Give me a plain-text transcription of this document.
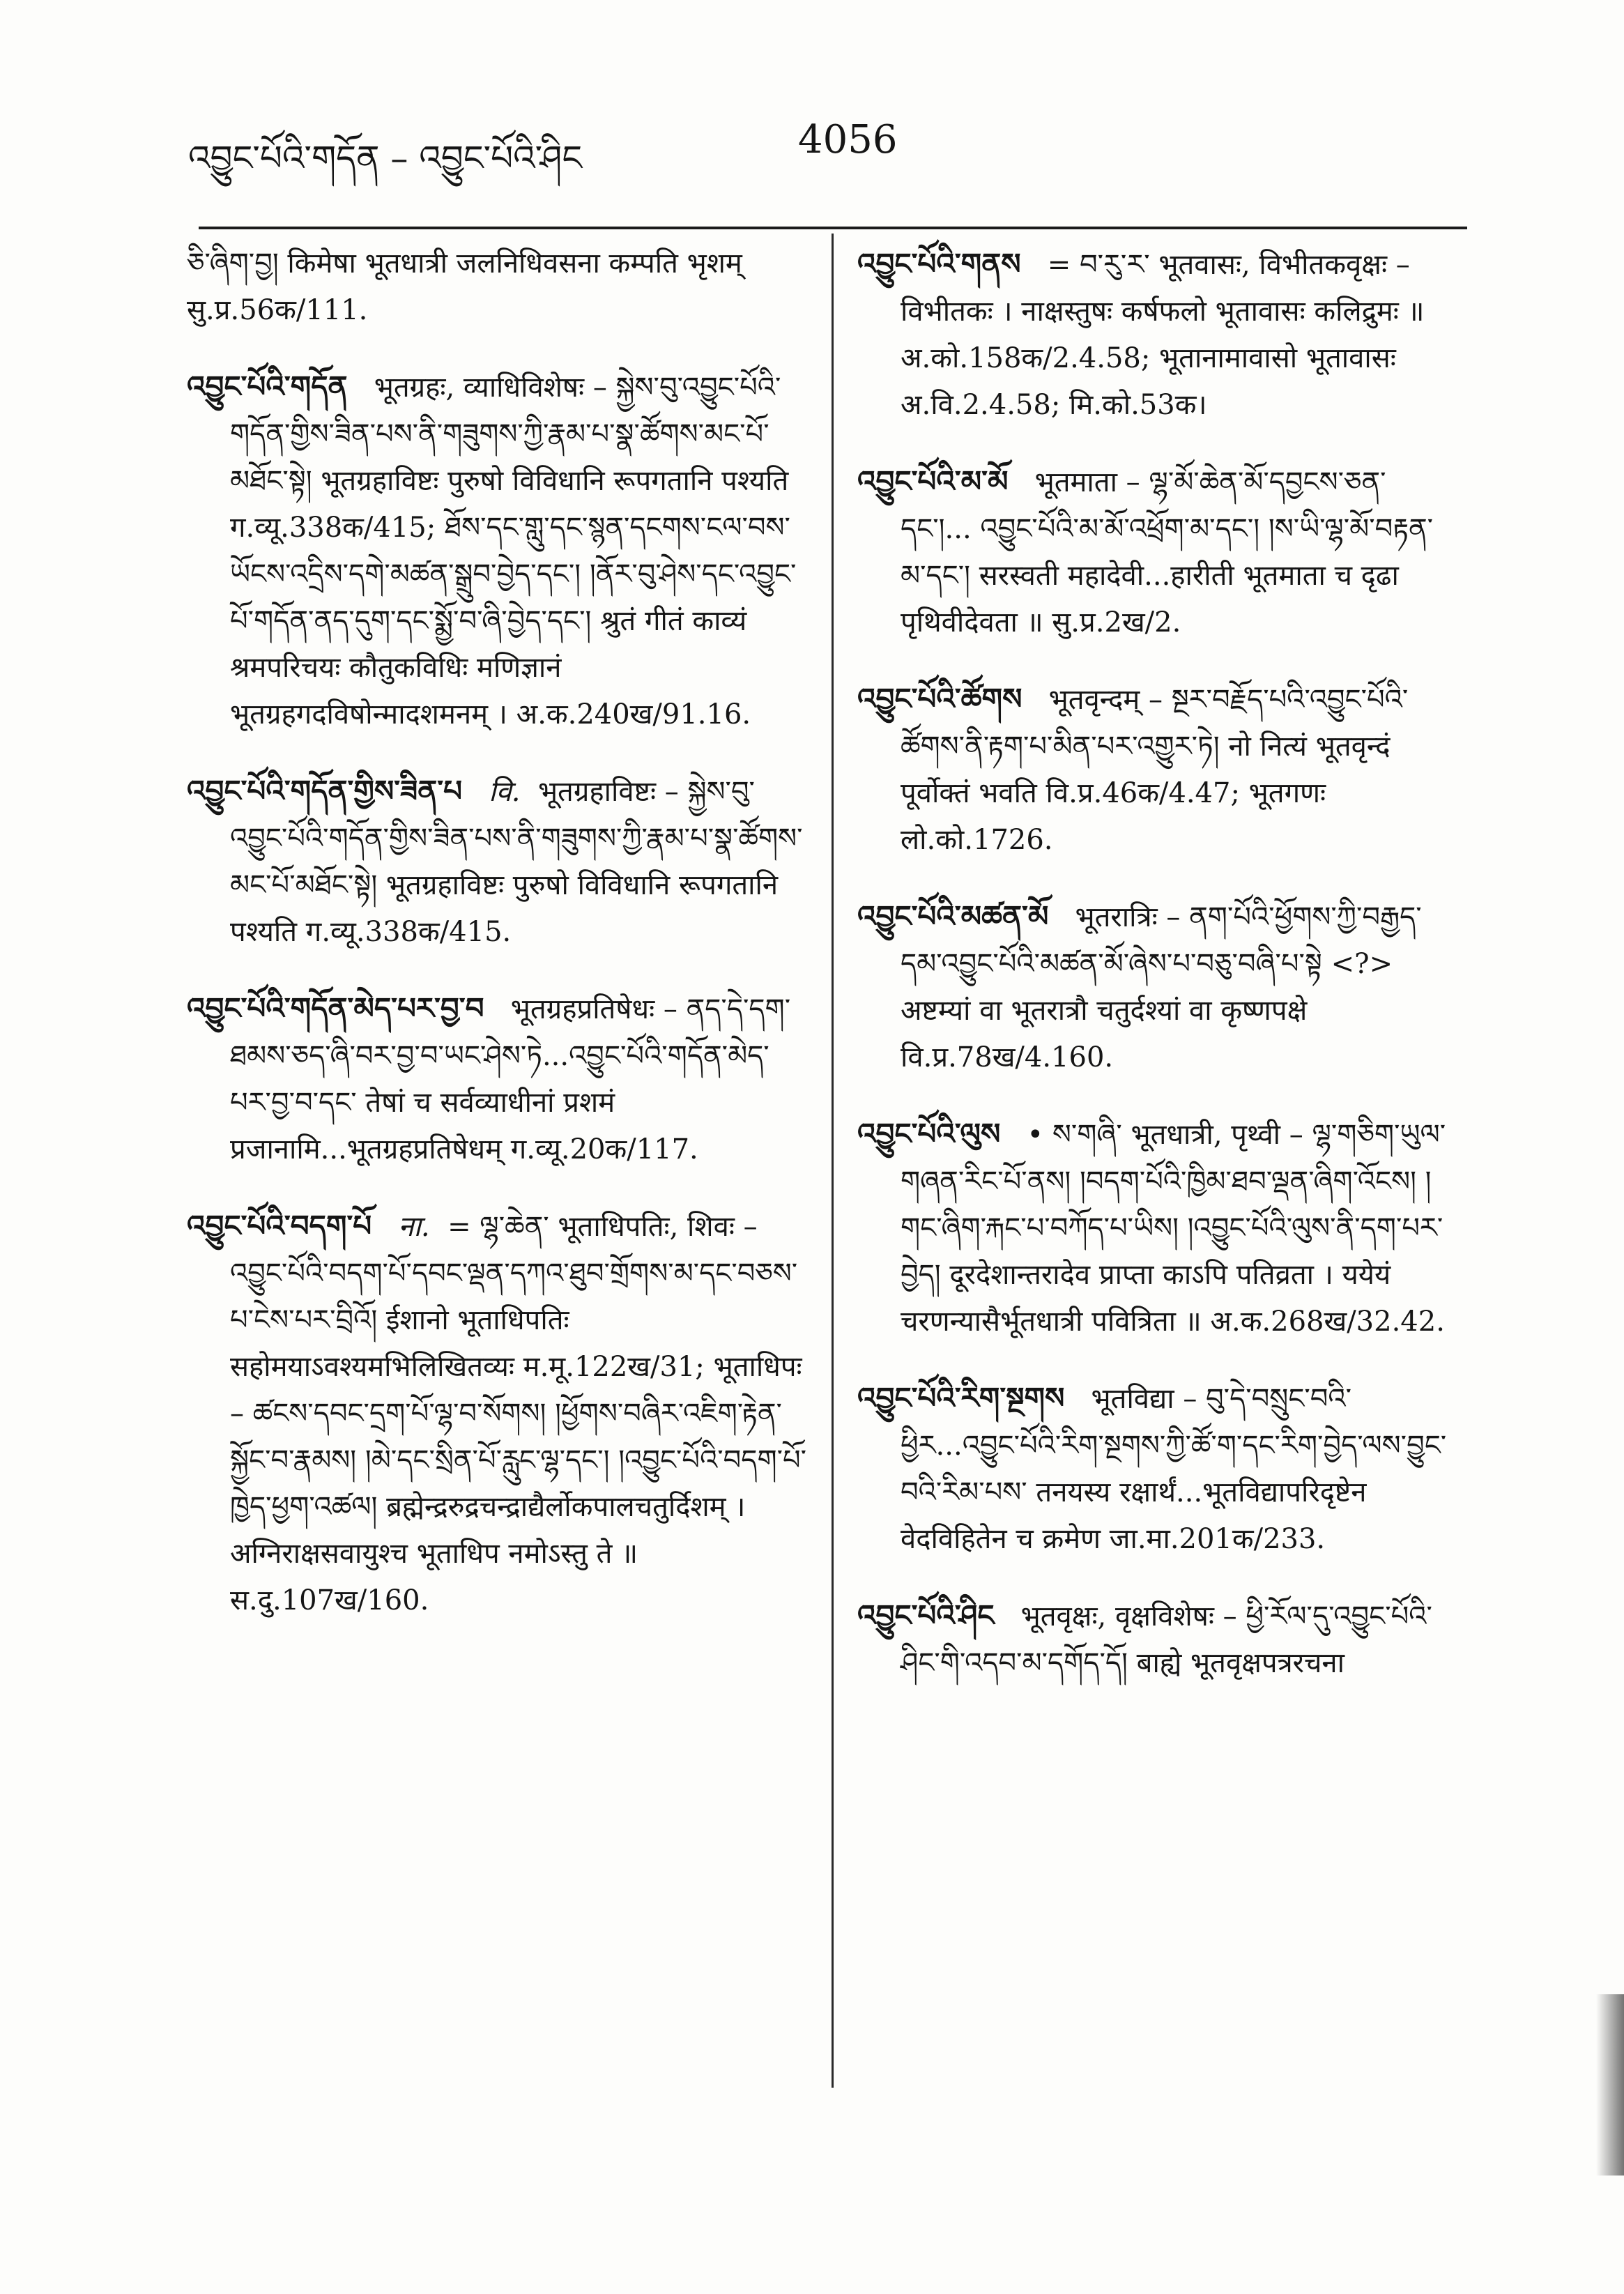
འབྱུང་པོའི་གདོན – འབྱུང་པོའི་ཤིང	4056

ཅི་ཞིག་བྱ། किमेषा भूतधात्री जलनिधिवसना कम्पति भृशम् सु.प्र.56क/111.

འབྱུང་པོའི་གདོན भूतग्रहः, व्याधिविशेषः – སྐྱེས་བུ་འབྱུང་པོའི་གདོན་གྱིས་ཟིན་པས་ནི་གཟུགས་ཀྱི་རྣམ་པ་སྣ་ཚོགས་མང་པོ་མཐོང་སྟེ། भूतग्रहाविष्टः पुरुषो विविधानि रूपगतानि पश्यति ग.व्यू.338क/415; ཐོས་དང་གླུ་དང་སྙན་དངགས་ངལ་བས་ཡོངས་འདྲིས་དགེ་མཚན་སྒྲུབ་བྱེད་དང་། །ནོར་བུ་ཤེས་དང་འབྱུང་པོ་གདོན་ནད་དུག་དང་སྨྱོ་བ་ཞི་བྱེད་དང་། श्रुतं गीतं काव्यं श्रमपरिचयः कौतुकविधिः मणिज्ञानं भूतग्रहगदविषोन्मादशमनम् । अ.क.240ख/91.16.

འབྱུང་པོའི་གདོན་གྱིས་ཟིན་པ वि. भूतग्रहाविष्टः – སྐྱེས་བུ་འབྱུང་པོའི་གདོན་གྱིས་ཟིན་པས་ནི་གཟུགས་ཀྱི་རྣམ་པ་སྣ་ཚོགས་མང་པོ་མཐོང་སྟེ། भूतग्रहाविष्टः पुरुषो विविधानि रूपगतानि पश्यति ग.व्यू.338क/415.

འབྱུང་པོའི་གདོན་མེད་པར་བྱ་བ भूतग्रहप्रतिषेधः – ནད་དེ་དག་ཐམས་ཅད་ཞི་བར་བྱ་བ་ཡང་ཤེས་ཏེ...འབྱུང་པོའི་གདོན་མེད་པར་བྱ་བ་དང་ तेषां च सर्वव्याधीनां प्रशमं प्रजानामि...भूतग्रहप्रतिषेधम् ग.व्यू.20क/117.

འབྱུང་པོའི་བདག་པོ ना. = ལྷ་ཆེན་ भूताधिपतिः, शिवः – འབྱུང་པོའི་བདག་པོ་དབང་ལྡན་དཀའ་ཐུབ་གྲོགས་མ་དང་བཅས་པ་ངེས་པར་བྲིའོ། ईशानो भूताधिपतिः सहोमयाऽवश्यमभिलिखितव्यः म.मू.122ख/31; भूताधिपः – ཚངས་དབང་དྲག་པོ་ལྷ་བ་སོགས། །ཕྱོགས་བཞིར་འཇིག་རྟེན་སྐྱོང་བ་རྣམས། །མེ་དང་སྲིན་པོ་རླུང་ལྷ་དང་། །འབྱུང་པོའི་བདག་པོ་ཁྱེད་ཕྱག་འཚལ། ब्रह्मेन्द्ररुद्रचन्द्राद्यैर्लोकपालचतुर्दिशम् । अग्निराक्षसवायुश्च भूताधिप नमोऽस्तु ते ॥ स.दु.107ख/160.

འབྱུང་པོའི་གནས = བ་རུ་ར་ भूतवासः, विभीतकवृक्षः – विभीतकः । नाक्षस्तुषः कर्षफलो भूतावासः कलिद्रुमः ॥ अ.को.158क/2.4.58; भूतानामावासो भूतावासः अ.वि.2.4.58; मि.को.53क।

འབྱུང་པོའི་མ་མོ भूतमाता – ལྷ་མོ་ཆེན་མོ་དབྱངས་ཅན་དང་།... འབྱུང་པོའི་མ་མོ་འཕྲོག་མ་དང་། །ས་ཡི་ལྷ་མོ་བརྟན་མ་དང་། सरस्वती महादेवी...हारीती भूतमाता च दृढा पृथिवीदेवता ॥ सु.प्र.2ख/2.

འབྱུང་པོའི་ཚོགས भूतवृन्दम् – སྔར་བརྗོད་པའི་འབྱུང་པོའི་ཚོགས་ནི་རྟག་པ་མིན་པར་འགྱུར་ཏེ། नो नित्यं भूतवृन्दं पूर्वोक्तं भवति वि.प्र.46क/4.47; भूतगणः लो.को.1726.

འབྱུང་པོའི་མཚན་མོ भूतरात्रिः – ནག་པོའི་ཕྱོགས་ཀྱི་བརྒྱད་དམ་འབྱུང་པོའི་མཚན་མོ་ཞེས་པ་བཅུ་བཞི་པ་སྟེ <?> अष्टम्यां वा भूतरात्रौ चतुर्दश्यां वा कृष्णपक्षे वि.प्र.78ख/4.160.

འབྱུང་པོའི་ལུས • ས་གཞི་ भूतधात्री, पृथ्वी – ལྷ་གཅིག་ཡུལ་གཞན་རིང་པོ་ནས། །བདག་པོའི་ཁྱིམ་ཐབ་ལྡན་ཞིག་འོངས། །གང་ཞིག་རྐང་པ་བཀོད་པ་ཡིས། །འབྱུང་པོའི་ལུས་ནི་དག་པར་བྱེད། दूरदेशान्तरादेव प्राप्ता काऽपि पतिव्रता । ययेयं चरणन्यासैर्भूतधात्री पवित्रिता ॥ अ.क.268ख/32.42.

འབྱུང་པོའི་རིག་སྔགས भूतविद्या – བུ་དེ་བསྲུང་བའི་ཕྱིར...འབྱུང་པོའི་རིག་སྔགས་ཀྱི་ཚོ་ག་དང་རིག་བྱེད་ལས་བྱུང་བའི་རིམ་པས་ तनयस्य रक्षार्थं...भूतविद्यापरिदृष्टेन वेदविहितेन च क्रमेण जा.मा.201क/233.

འབྱུང་པོའི་ཤིང भूतवृक्षः, वृक्षविशेषः – ཕྱི་རོལ་དུ་འབྱུང་པོའི་ཤིང་གི་འདབ་མ་དགོད་དོ། बाह्ये भूतवृक्षपत्ररचना
